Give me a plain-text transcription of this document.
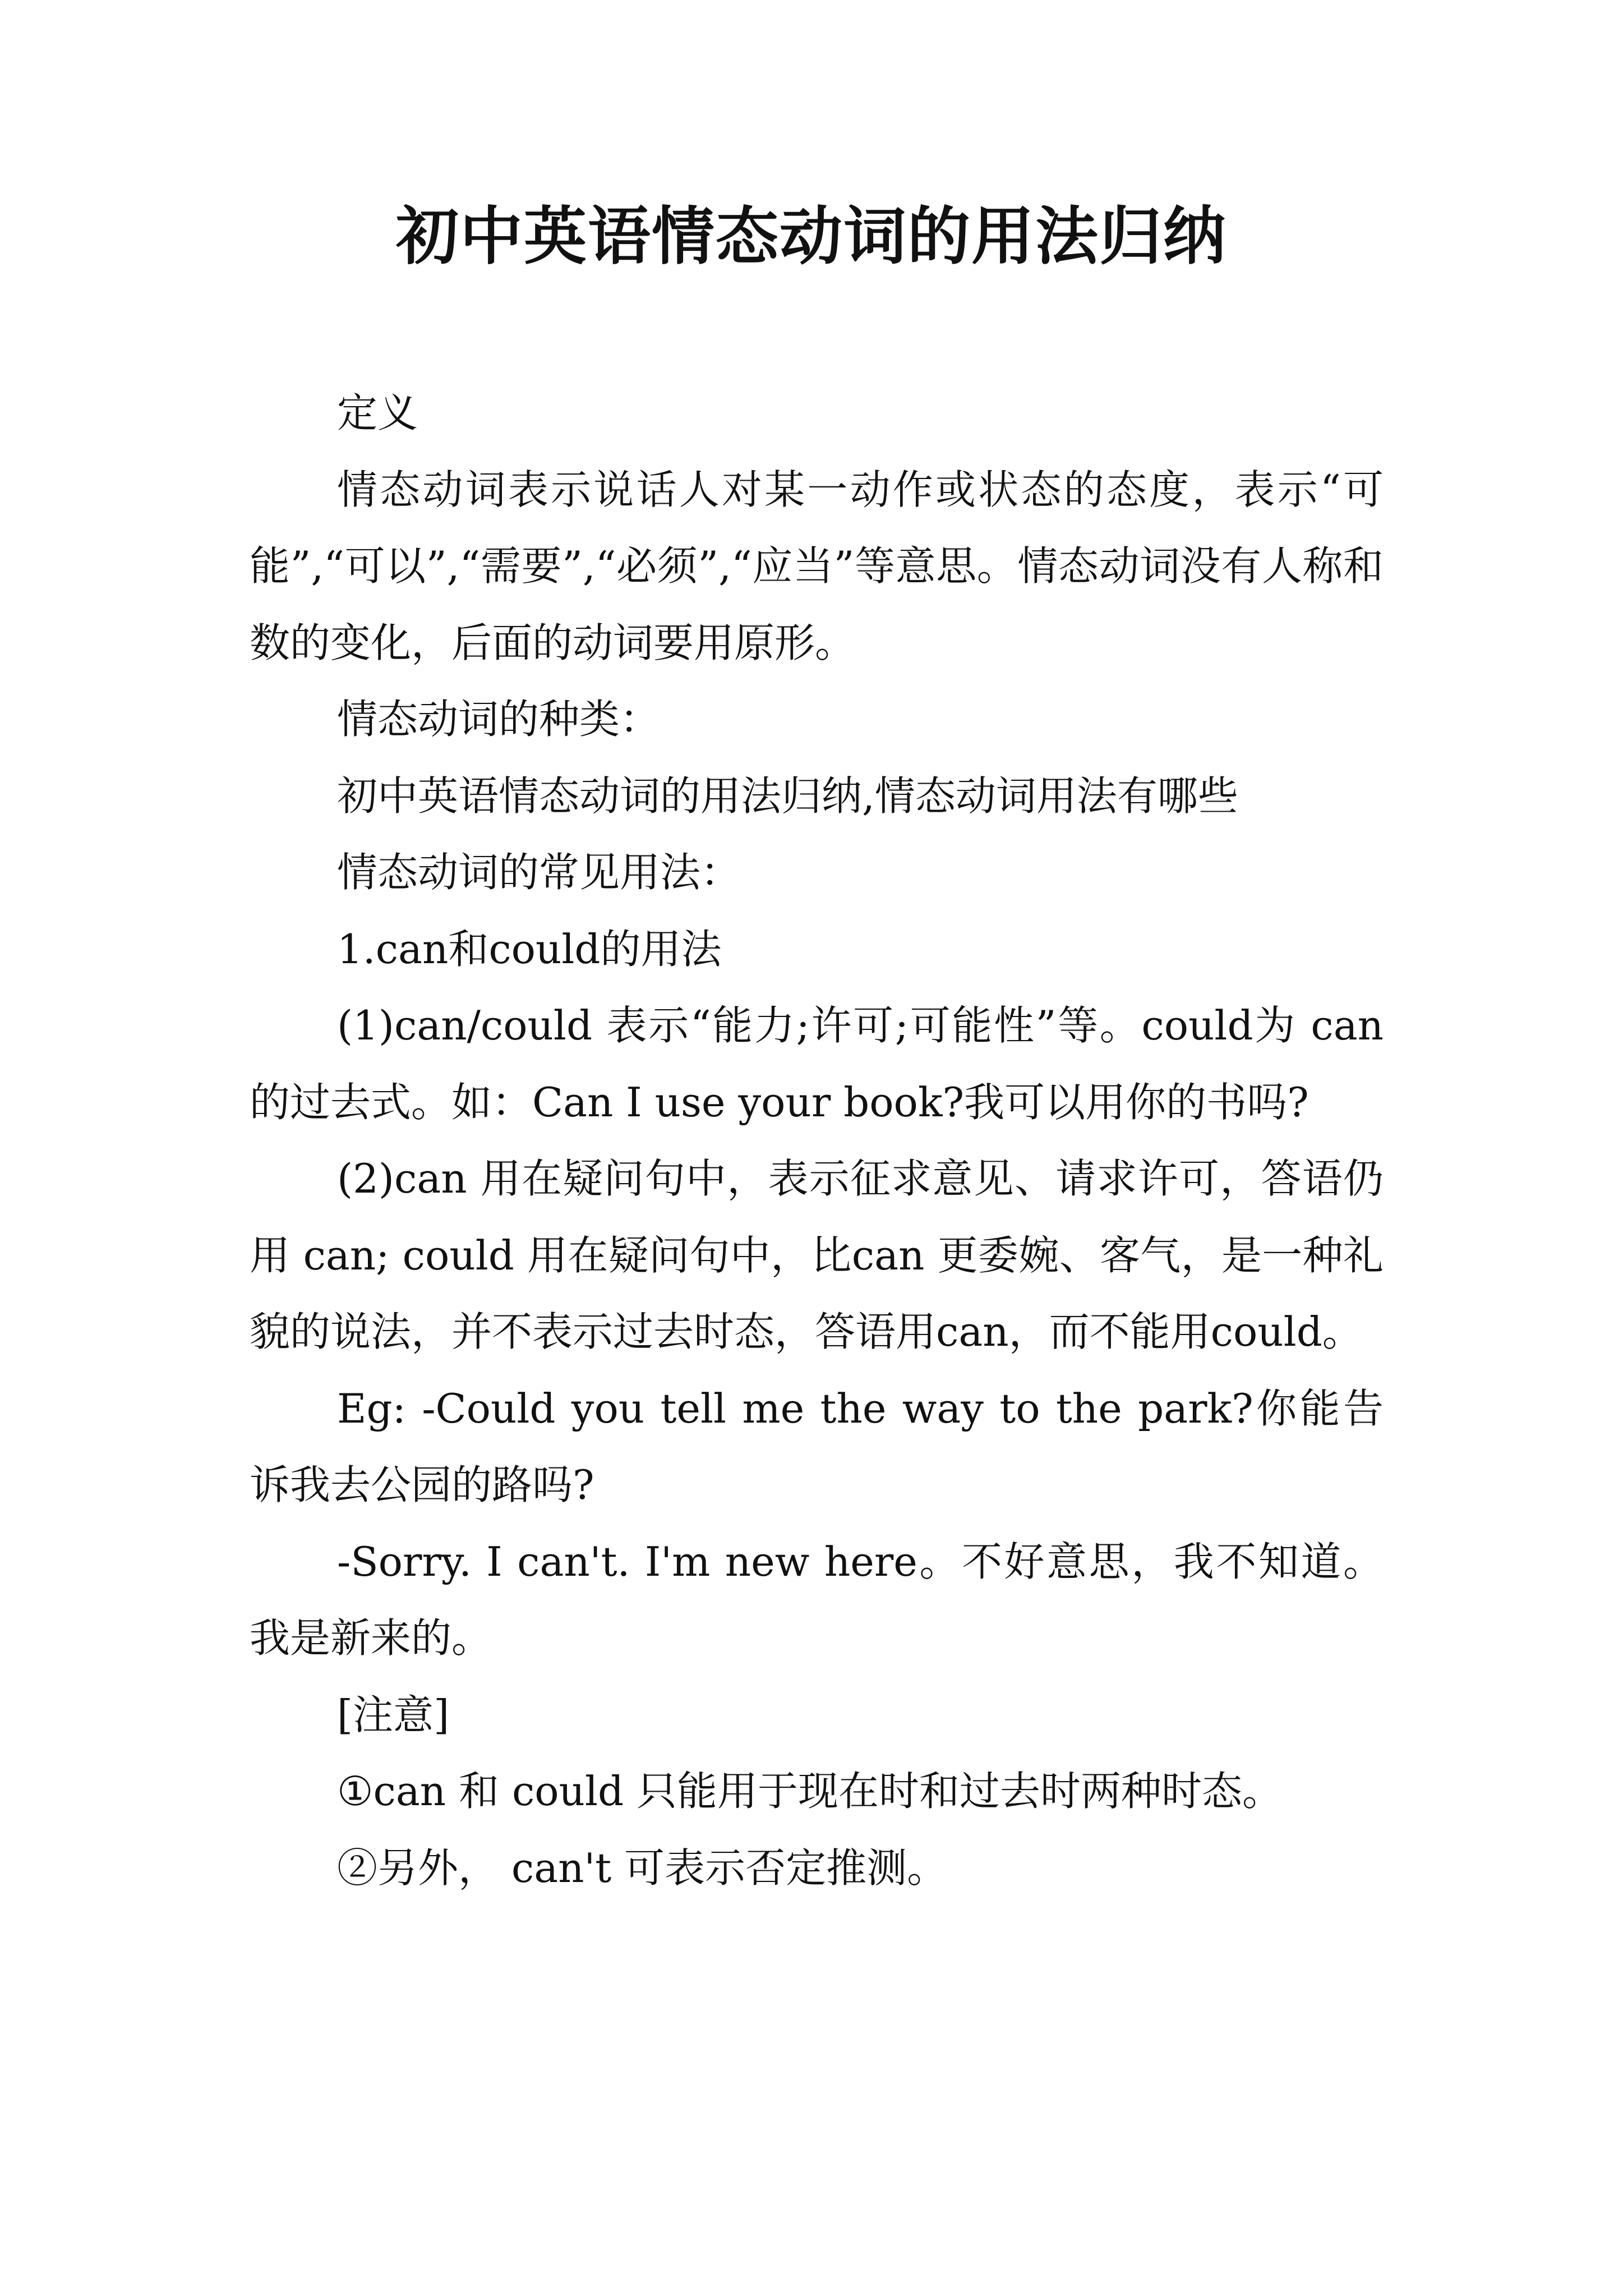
初中英语情态动词的用法归纳

定义

情态动词表示说话人对某一动作或状态的态度，表示“可能”,“可以”,“需要”,“必须”,“应当”等意思。情态动词没有人称和数的变化，后面的动词要用原形。

情态动词的种类：

初中英语情态动词的用法归纳,情态动词用法有哪些

情态动词的常见用法：

1.can和could的用法

(1)can/could 表示“能力;许可;可能性”等。could为 can 的过去式。如：Can I use your book?我可以用你的书吗?

(2)can 用在疑问句中，表示征求意见、请求许可，答语仍用 can; could 用在疑问句中，比can 更委婉、客气，是一种礼貌的说法，并不表示过去时态，答语用can，而不能用could。

Eg: -Could you tell me the way to the park?你能告诉我去公园的路吗?

-Sorry. I can't. I'm new here。不好意思，我不知道。我是新来的。

[注意]

①can 和 could 只能用于现在时和过去时两种时态。

②另外， can't 可表示否定推测。
